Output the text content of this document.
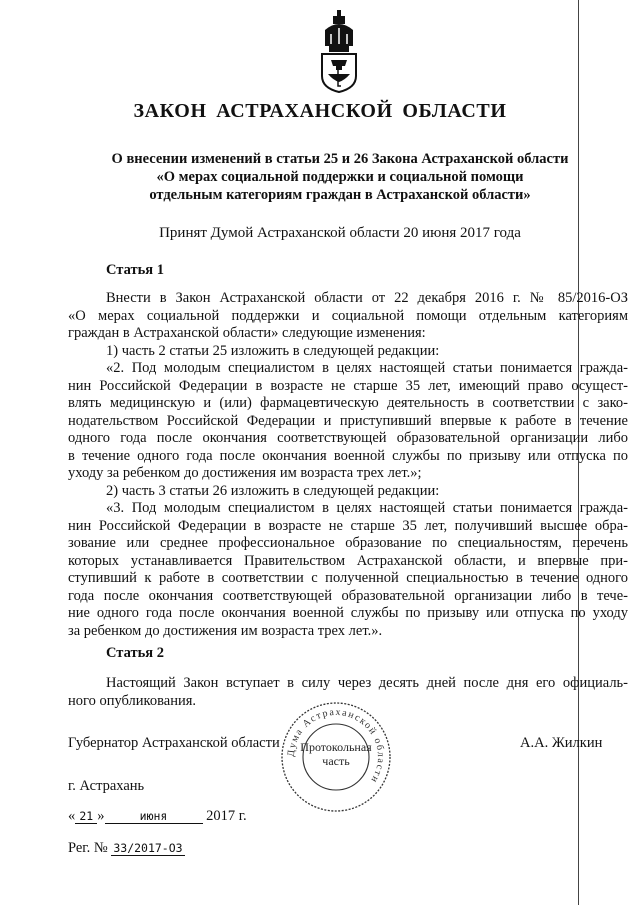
ЗАКОН АСТРАХАНСКОЙ ОБЛАСТИ
О внесении изменений в статьи 25 и 26 Закона Астраханской области
«О мерах социальной поддержки и социальной помощи
отдельным категориям граждан в Астраханской области»
Принят Думой Астраханской области 20 июня 2017 года
Статья 1
Внести в Закон Астраханской области от 22 декабря 2016 г. № 85/2016-ОЗ
«О мерах социальной поддержки и социальной помощи отдельным категориям
граждан в Астраханской области» следующие изменения:
1) часть 2 статьи 25 изложить в следующей редакции:
«2. Под молодым специалистом в целях настоящей статьи понимается гражда-
нин Российской Федерации в возрасте не старше 35 лет, имеющий право осущест-
влять медицинскую и (или) фармацевтическую деятельность в соответствии с зако-
нодательством Российской Федерации и приступивший впервые к работе в течение
одного года после окончания соответствующей образовательной организации либо
в течение одного года после окончания военной службы по призыву или отпуска по
уходу за ребенком до достижения им возраста трех лет.»;
2) часть 3 статьи 26 изложить в следующей редакции:
«3. Под молодым специалистом в целях настоящей статьи понимается гражда-
нин Российской Федерации в возрасте не старше 35 лет, получивший высшее обра-
зование или среднее профессиональное образование по специальностям, перечень
которых устанавливается Правительством Астраханской области, и впервые при-
ступивший к работе в соответствии с полученной специальностью в течение одного
года после окончания соответствующей образовательной организации либо в тече-
ние одного года после окончания военной службы по призыву или отпуска по уходу
за ребенком до достижения им возраста трех лет.».
Статья 2
Настоящий Закон вступает в силу через десять дней после дня его официаль-
ного опубликования.
Губернатор Астраханской области
Дума Астраханской области
Протокольная
часть
А.А. Жилкин
г. Астрахань
« 21 »	июня	2017 г.
Рег. № 33/2017-ОЗ
